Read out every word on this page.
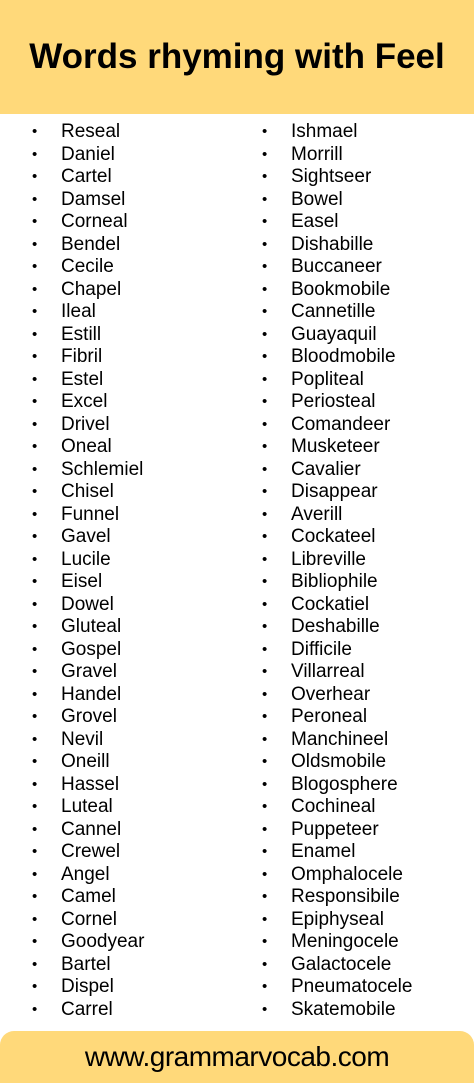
Words rhyming with Feel
•	Reseal
•	Daniel
•	Cartel
•	Damsel
•	Corneal
•	Bendel
•	Cecile
•	Chapel
•	Ileal
•	Estill
•	Fibril
•	Estel
•	Excel
•	Drivel
•	Oneal
•	Schlemiel
•	Chisel
•	Funnel
•	Gavel
•	Lucile
•	Eisel
•	Dowel
•	Gluteal
•	Gospel
•	Gravel
•	Handel
•	Grovel
•	Nevil
•	Oneill
•	Hassel
•	Luteal
•	Cannel
•	Crewel
•	Angel
•	Camel
•	Cornel
•	Goodyear
•	Bartel
•	Dispel
•	Carrel
•	Ishmael
•	Morrill
•	Sightseer
•	Bowel
•	Easel
•	Dishabille
•	Buccaneer
•	Bookmobile
•	Cannetille
•	Guayaquil
•	Bloodmobile
•	Popliteal
•	Periosteal
•	Comandeer
•	Musketeer
•	Cavalier
•	Disappear
•	Averill
•	Cockateel
•	Libreville
•	Bibliophile
•	Cockatiel
•	Deshabille
•	Difficile
•	Villarreal
•	Overhear
•	Peroneal
•	Manchineel
•	Oldsmobile
•	Blogosphere
•	Cochineal
•	Puppeteer
•	Enamel
•	Omphalocele
•	Responsibile
•	Epiphyseal
•	Meningocele
•	Galactocele
•	Pneumatocele
•	Skatemobile
www.grammarvocab.com
